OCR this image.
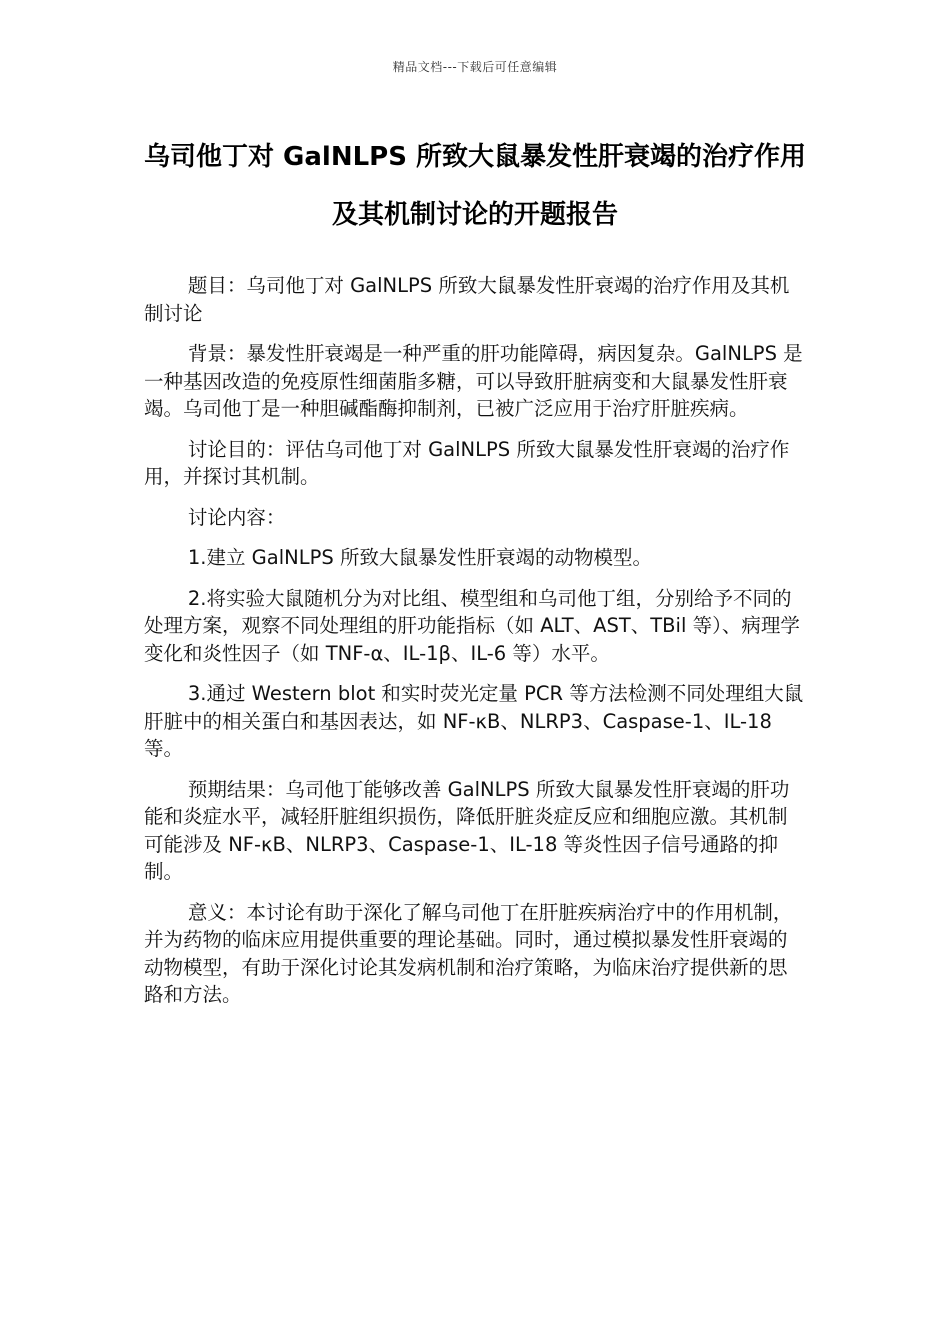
精品文档---下载后可任意编辑
乌司他丁对 GalNLPS 所致大鼠暴发性肝衰竭的治疗作用及其机制讨论的开题报告

题目：乌司他丁对 GalNLPS 所致大鼠暴发性肝衰竭的治疗作用及其机制讨论

背景：暴发性肝衰竭是一种严重的肝功能障碍，病因复杂。GalNLPS 是一种基因改造的免疫原性细菌脂多糖，可以导致肝脏病变和大鼠暴发性肝衰竭。乌司他丁是一种胆碱酯酶抑制剂，已被广泛应用于治疗肝脏疾病。

讨论目的：评估乌司他丁对 GalNLPS 所致大鼠暴发性肝衰竭的治疗作用，并探讨其机制。

讨论内容：

1.建立 GalNLPS 所致大鼠暴发性肝衰竭的动物模型。

2.将实验大鼠随机分为对比组、模型组和乌司他丁组，分别给予不同的处理方案，观察不同处理组的肝功能指标（如 ALT、AST、TBil 等）、病理学变化和炎性因子（如 TNF-α、IL-1β、IL-6 等）水平。

3.通过 Western blot 和实时荧光定量 PCR 等方法检测不同处理组大鼠肝脏中的相关蛋白和基因表达，如 NF-κB、NLRP3、Caspase-1、IL-18 等。

预期结果：乌司他丁能够改善 GalNLPS 所致大鼠暴发性肝衰竭的肝功能和炎症水平，减轻肝脏组织损伤，降低肝脏炎症反应和细胞应激。其机制可能涉及 NF-κB、NLRP3、Caspase-1、IL-18 等炎性因子信号通路的抑制。

意义：本讨论有助于深化了解乌司他丁在肝脏疾病治疗中的作用机制，并为药物的临床应用提供重要的理论基础。同时，通过模拟暴发性肝衰竭的动物模型，有助于深化讨论其发病机制和治疗策略，为临床治疗提供新的思路和方法。
